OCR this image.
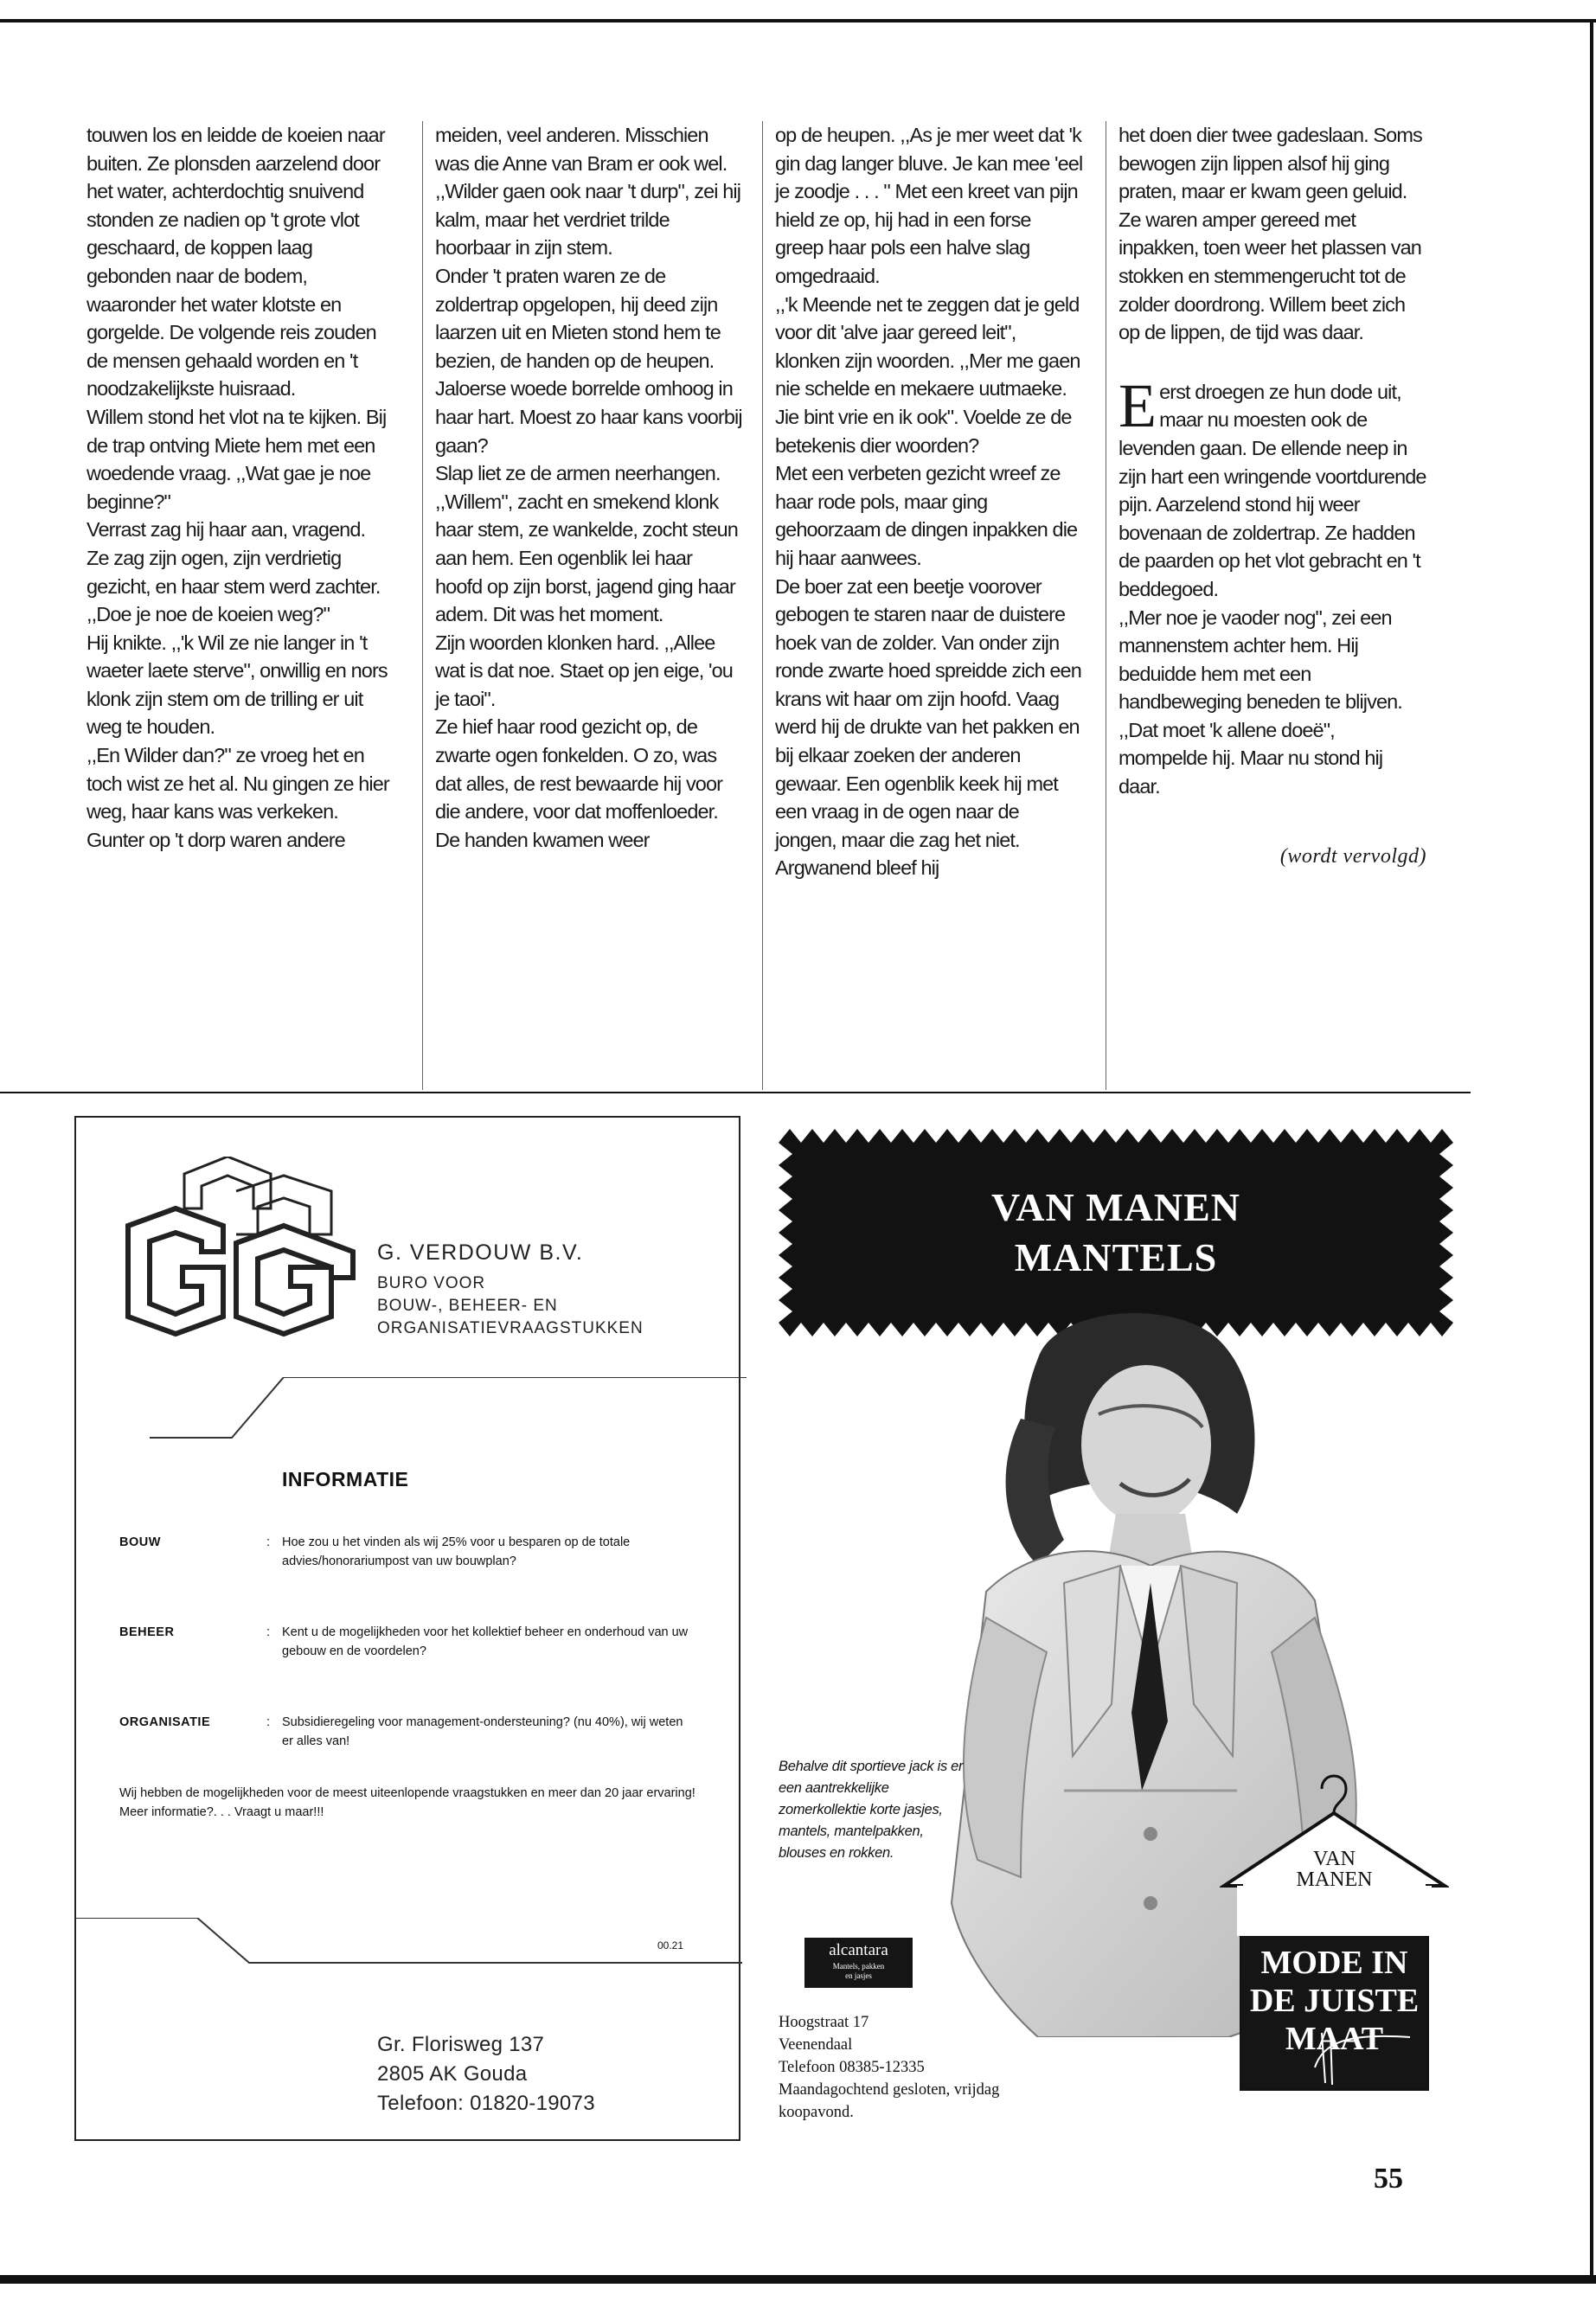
touwen los en leidde de koeien naar buiten. Ze plonsden aarzelend door het water, achterdochtig snuivend stonden ze nadien op 't grote vlot geschaard, de koppen laag gebonden naar de bodem, waaronder het water klotste en gorgelde. De volgende reis zouden de mensen gehaald worden en 't noodzakelijkste huisraad.

Willem stond het vlot na te kijken. Bij de trap ontving Miete hem met een woedende vraag. ,,Wat gae je noe beginne?"

Verrast zag hij haar aan, vragend.

Ze zag zijn ogen, zijn verdrietig gezicht, en haar stem werd zachter. ,,Doe je noe de koeien weg?"

Hij knikte. ,,'k Wil ze nie langer in 't waeter laete sterve", onwillig en nors klonk zijn stem om de trilling er uit weg te houden.

,,En Wilder dan?" ze vroeg het en toch wist ze het al. Nu gingen ze hier weg, haar kans was verkeken. Gunter op 't dorp waren andere

meiden, veel anderen. Misschien was die Anne van Bram er ook wel.

,,Wilder gaen ook naar 't durp", zei hij kalm, maar het verdriet trilde hoorbaar in zijn stem.

Onder 't praten waren ze de zoldertrap opgelopen, hij deed zijn laarzen uit en Mieten stond hem te bezien, de handen op de heupen. Jaloerse woede borrelde omhoog in haar hart. Moest zo haar kans voorbij gaan?

Slap liet ze de armen neerhangen.

,,Willem", zacht en smekend klonk haar stem, ze wankelde, zocht steun aan hem. Een ogenblik lei haar hoofd op zijn borst, jagend ging haar adem. Dit was het moment.

Zijn woorden klonken hard. ,,Allee wat is dat noe. Staet op jen eige, 'ou je taoi".

Ze hief haar rood gezicht op, de zwarte ogen fonkelden. O zo, was dat alles, de rest bewaarde hij voor die andere, voor dat moffenloeder.

De handen kwamen weer

op de heupen. ,,As je mer weet dat 'k gin dag langer bluve. Je kan mee 'eel je zoodje . . . " Met een kreet van pijn hield ze op, hij had in een forse greep haar pols een halve slag omgedraaid.

,,'k Meende net te zeggen dat je geld voor dit 'alve jaar gereed leit", klonken zijn woorden. ,,Mer me gaen nie schelde en mekaere uutmaeke. Jie bint vrie en ik ook". Voelde ze de betekenis dier woorden?

Met een verbeten gezicht wreef ze haar rode pols, maar ging gehoorzaam de dingen inpakken die hij haar aanwees.

De boer zat een beetje voorover gebogen te staren naar de duistere hoek van de zolder. Van onder zijn ronde zwarte hoed spreidde zich een krans wit haar om zijn hoofd. Vaag

werd hij de drukte van het pakken en bij elkaar zoeken der anderen gewaar. Een ogenblik keek hij met een vraag in de ogen naar de jongen, maar die zag het niet. Argwanend bleef hij

het doen dier twee gadeslaan. Soms bewogen zijn lippen alsof hij ging praten, maar er kwam geen geluid. Ze waren amper gereed met inpakken, toen weer het plassen van stokken en stemmengerucht tot de zolder doordrong. Willem beet zich op de lippen, de tijd was daar.

Eerst droegen ze hun dode uit, maar nu moesten ook de levenden gaan. De ellende neep in zijn hart een wringende voortdurende pijn. Aarzelend stond hij weer bovenaan de zoldertrap. Ze hadden de paarden op het vlot gebracht en 't beddegoed.

,,Mer noe je vaoder nog", zei een mannenstem achter hem. Hij beduidde hem met een handbeweging beneden te blijven.

,,Dat moet 'k allene doeë", mompelde hij. Maar nu stond hij daar.

(wordt vervolgd)
G. VERDOUW B.V.
BURO VOOR
BOUW-, BEHEER- EN
ORGANISATIEVRAAGSTUKKEN
INFORMATIE
BOUW	: Hoe zou u het vinden als wij 25% voor u besparen op de totale advies/honorariumpost van uw bouwplan?
BEHEER	: Kent u de mogelijkheden voor het kollektief beheer en onderhoud van uw gebouw en de voordelen?
ORGANISATIE	: Subsidieregeling voor management-ondersteuning? (nu 40%), wij weten er alles van!
Wij hebben de mogelijkheden voor de meest uiteenlopende vraagstukken en meer dan 20 jaar ervaring!
Meer informatie?. . . Vraagt u maar!!!
00.21
Gr. Florisweg 137
2805 AK Gouda
Telefoon: 01820-19073
VAN MANEN
MANTELS
Behalve dit sportieve jack is er een aantrekkelijke zomerkollektie korte jasjes, mantels, mantelpakken, blouses en rokken.
alcantara
Mantels, pakken
en jasjes
Hoogstraat 17
Veenendaal
Telefoon 08385-12335
Maandagochtend gesloten, vrijdag koopavond.
VAN
MANEN
MODE IN
DE JUISTE
MAAT
55
